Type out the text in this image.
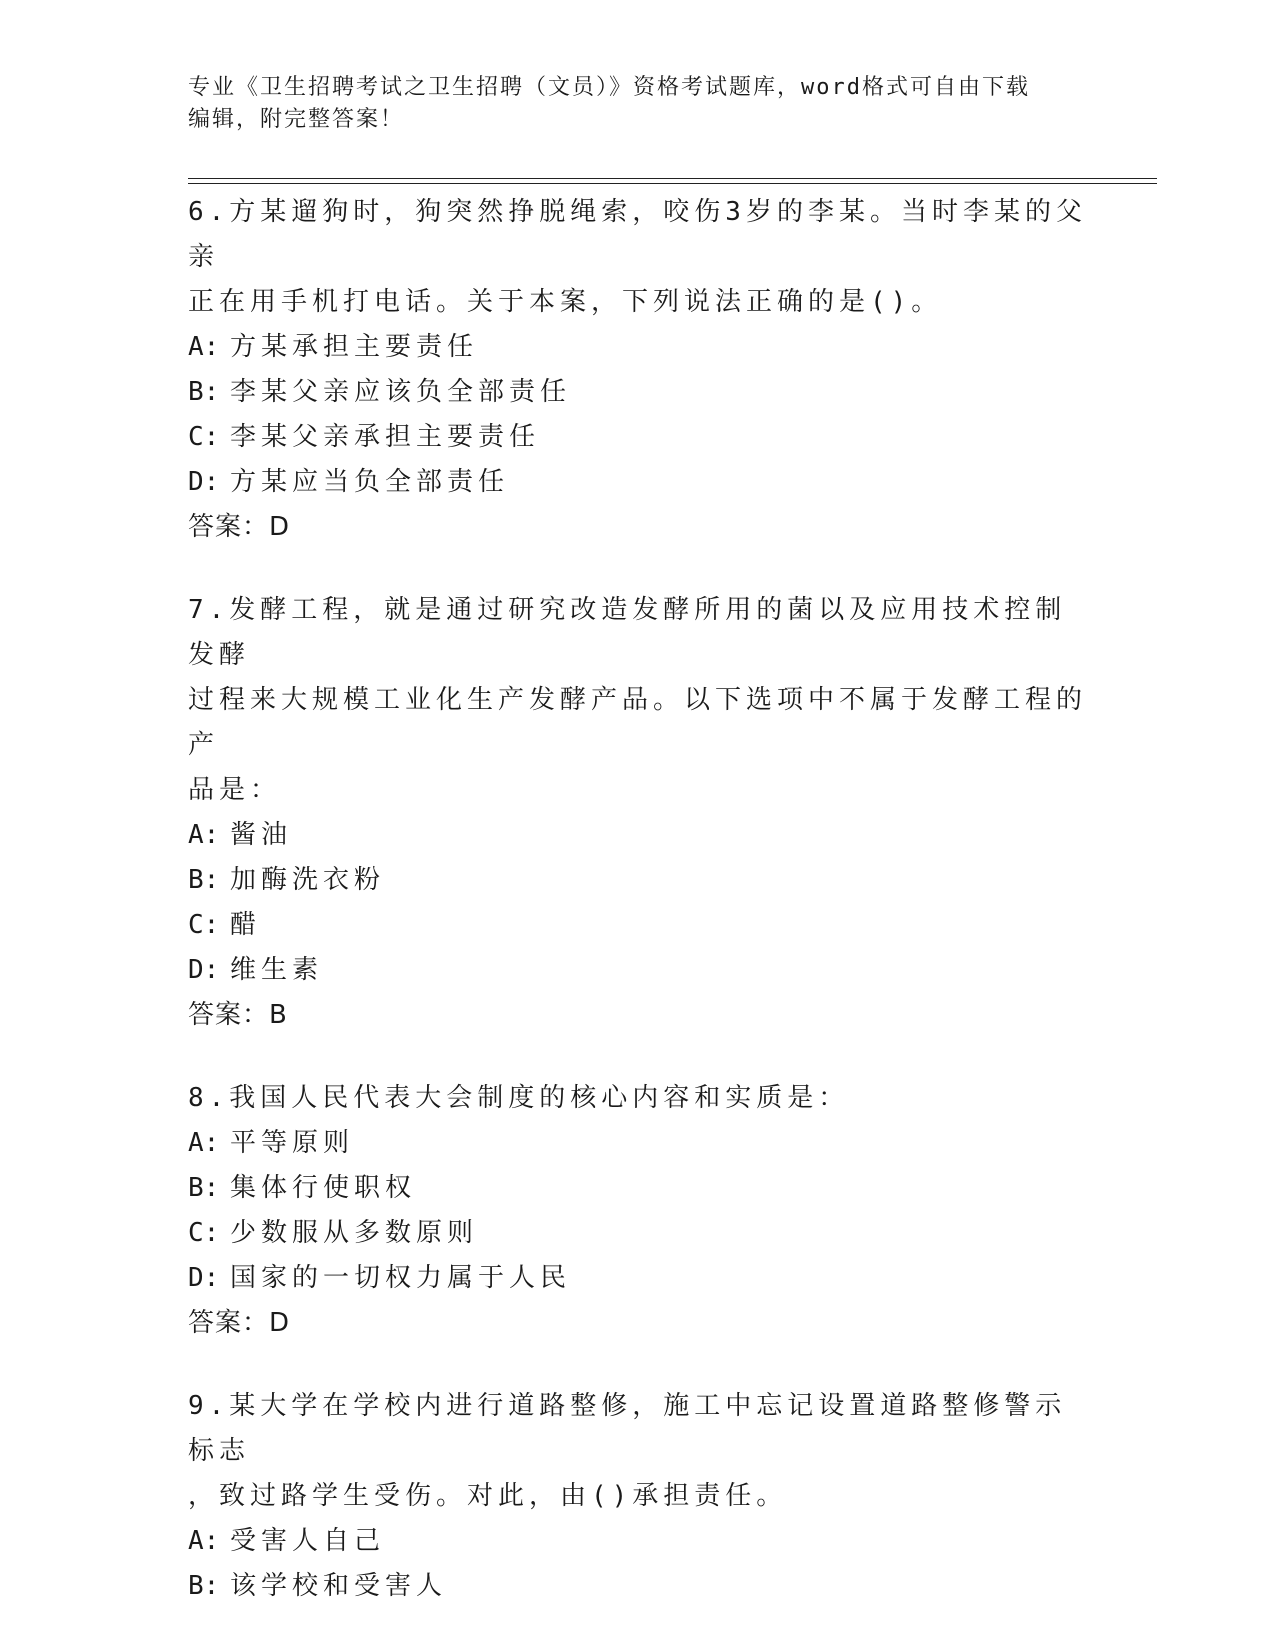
专业《卫生招聘考试之卫生招聘（文员）》资格考试题库，word格式可自由下载
编辑，附完整答案！
6.方某遛狗时，狗突然挣脱绳索，咬伤3岁的李某。当时李某的父亲
正在用手机打电话。关于本案，下列说法正确的是()。
A: 方某承担主要责任
B: 李某父亲应该负全部责任
C: 李某父亲承担主要责任
D: 方某应当负全部责任
答案：D
7.发酵工程，就是通过研究改造发酵所用的菌以及应用技术控制发酵
过程来大规模工业化生产发酵产品。以下选项中不属于发酵工程的产
品是：
A: 酱油
B: 加酶洗衣粉
C: 醋
D: 维生素
答案：B
8.我国人民代表大会制度的核心内容和实质是：
A: 平等原则
B: 集体行使职权
C: 少数服从多数原则
D: 国家的一切权力属于人民
答案：D
9.某大学在学校内进行道路整修，施工中忘记设置道路整修警示标志
，致过路学生受伤。对此，由()承担责任。
A: 受害人自己
B: 该学校和受害人
